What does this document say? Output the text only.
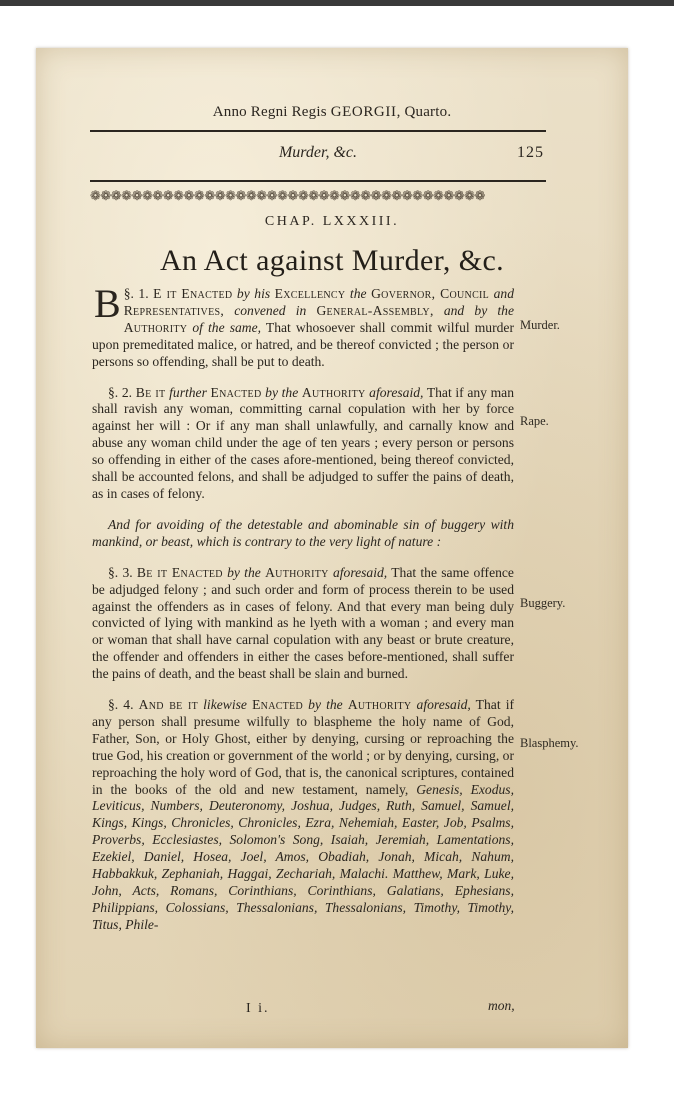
Anno Regni Regis GEORGII, Quarto.
Murder, &c.	125
❁❁❁❁❁❁❁❁❁❁❁❁❁❁❁❁❁❁❁❁❁❁❁❁❁❁❁❁❁❁❁❁❁❁❁❁❁❁
CHAP. LXXXIII.
An Act against Murder, &c.

§. 1.
B E it Enacted by his Excellency the Governor, Council and Representatives, convened in General-Assembly, and by the Authority of the same, That whosoever shall commit wilful murder upon premeditated malice, or hatred, and be thereof convicted ; the person or persons so offending, shall be put to death.

§. 2. Be it further Enacted by the Authority aforesaid, That if any man shall ravish any woman, committing carnal copulation with her by force against her will : Or if any man shall unlawfully, and carnally know and abuse any woman child under the age of ten years ; every person or persons so offending in either of the cases afore-mentioned, being thereof convicted, shall be accounted felons, and shall be adjudged to suffer the pains of death, as in cases of felony.

And for avoiding of the detestable and abominable sin of buggery with mankind, or beast, which is contrary to the very light of nature :

§. 3. Be it Enacted by the Authority aforesaid, That the same offence be adjudged felony ; and such order and form of process therein to be used against the offenders as in cases of felony. And that every man being duly convicted of lying with mankind as he lyeth with a woman ; and every man or woman that shall have carnal copulation with any beast or brute creature, the offender and offenders in either the cases before-mentioned, shall suffer the pains of death, and the beast shall be slain and burned.

§. 4. And be it likewise Enacted by the Authority aforesaid, That if any person shall presume wilfully to blaspheme the holy name of God, Father, Son, or Holy Ghost, either by denying, cursing or reproaching the true God, his creation or government of the world ; or by denying, cursing, or reproaching the holy word of God, that is, the canonical scriptures, contained in the books of the old and new testament, namely, Genesis, Exodus, Leviticus, Numbers, Deuteronomy, Joshua, Judges, Ruth, Samuel, Samuel, Kings, Kings, Chronicles, Chronicles, Ezra, Nehemiah, Easter, Job, Psalms, Proverbs, Ecclesiastes, Solomon's Song, Isaiah, Jeremiah, Lamentations, Ezekiel, Daniel, Hosea, Joel, Amos, Obadiah, Jonah, Micah, Nahum, Habbakkuk, Zephaniah, Haggai, Zechariah, Malachi. Matthew, Mark, Luke, John, Acts, Romans, Corinthians, Corinthians, Galatians, Ephesians, Philippians, Colossians, Thessalonians, Thessalonians, Timothy, Timothy, Titus, Phile-

Murder.
Rape.
Buggery.
Blasphemy.
I i.	mon,
